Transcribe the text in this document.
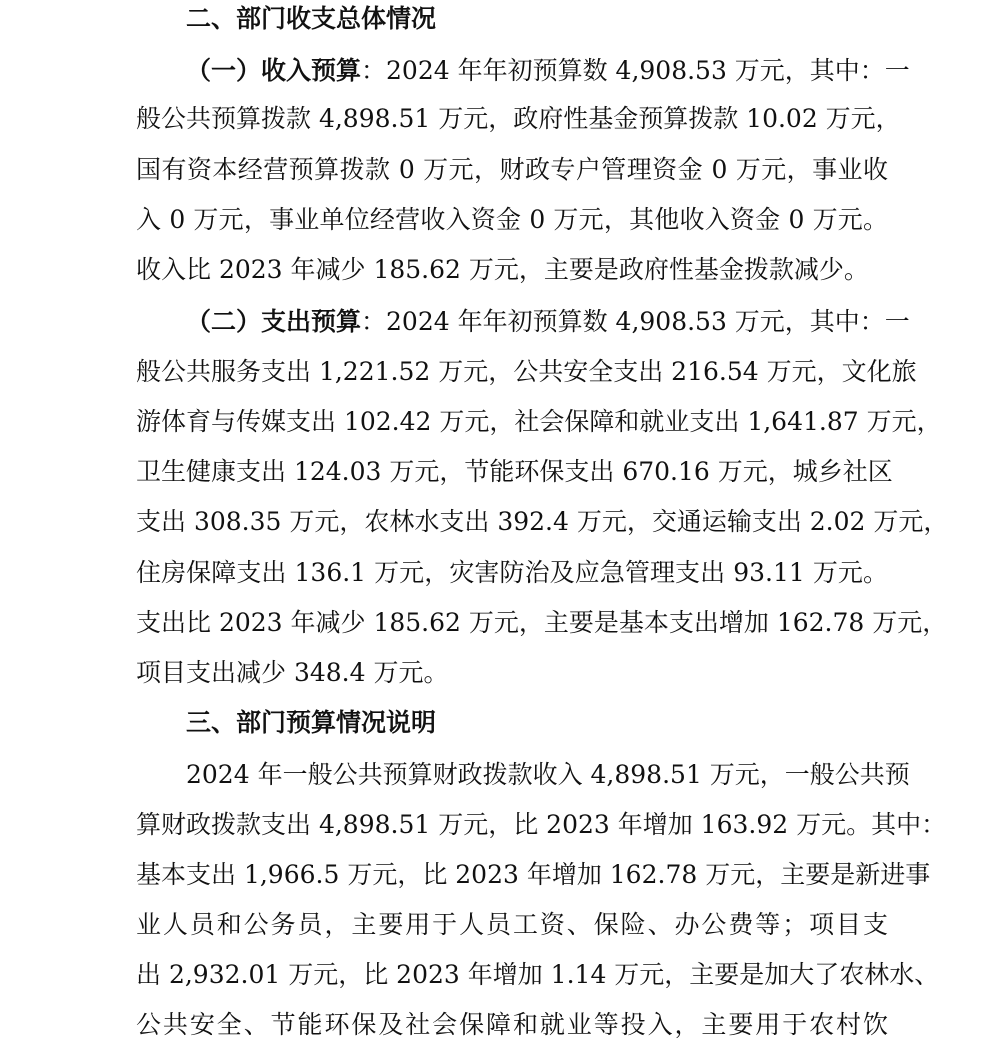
二、部门收支总体情况
（一）收入预算：2024 年年初预算数 4,908.53 万元，其中：一
般公共预算拨款 4,898.51 万元，政府性基金预算拨款 10.02 万元，
国有资本经营预算拨款 0 万元，财政专户管理资金 0 万元，事业收
入 0 万元，事业单位经营收入资金 0 万元，其他收入资金 0 万元。
收入比 2023 年减少 185.62 万元，主要是政府性基金拨款减少。
（二）支出预算：2024 年年初预算数 4,908.53 万元，其中：一
般公共服务支出 1,221.52 万元，公共安全支出 216.54 万元，文化旅
游体育与传媒支出 102.42 万元，社会保障和就业支出 1,641.87 万元，
卫生健康支出 124.03 万元，节能环保支出 670.16 万元，城乡社区
支出 308.35 万元，农林水支出 392.4 万元，交通运输支出 2.02 万元，
住房保障支出 136.1 万元，灾害防治及应急管理支出 93.11 万元。
支出比 2023 年减少 185.62 万元，主要是基本支出增加 162.78 万元，
项目支出减少 348.4 万元。
三、部门预算情况说明
2024 年一般公共预算财政拨款收入 4,898.51 万元，一般公共预
算财政拨款支出 4,898.51 万元，比 2023 年增加 163.92 万元。其中：
基本支出 1,966.5 万元，比 2023 年增加 162.78 万元，主要是新进事
业人员和公务员，主要用于人员工资、保险、办公费等；项目支
出 2,932.01 万元，比 2023 年增加 1.14 万元，主要是加大了农林水、
公共安全、节能环保及社会保障和就业等投入，主要用于农村饮
